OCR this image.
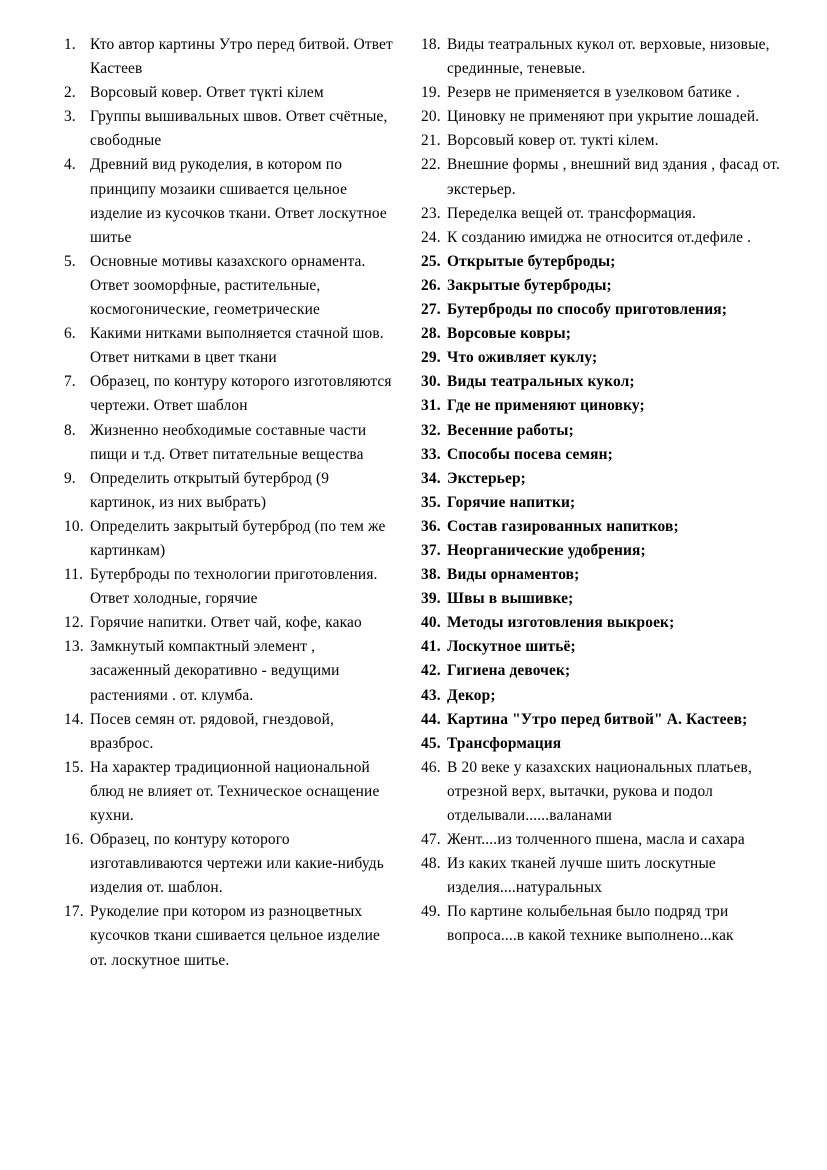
1. Кто автор картины Утро перед битвой. Ответ Кастеев
2. Ворсовый ковер. Ответ түкті кілем
3. Группы вышивальных швов. Ответ счётные, свободные
4. Древний вид рукоделия, в котором по принципу мозаики сшивается цельное изделие из кусочков ткани. Ответ лоскутное шитье
5. Основные мотивы казахского орнамента. Ответ зооморфные, растительные, космогонические, геометрические
6. Какими нитками выполняется стачной шов. Ответ нитками в цвет ткани
7. Образец, по контуру которого изготовляются чертежи. Ответ шаблон
8. Жизненно необходимые составные части пищи и т.д. Ответ питательные вещества
9. Определить открытый бутерброд (9 картинок, из них выбрать)
10. Определить закрытый бутерброд (по тем же картинкам)
11. Бутерброды по технологии приготовления. Ответ холодные, горячие
12. Горячие напитки. Ответ чай, кофе, какао
13. Замкнутый компактный элемент , засаженный декоративно - ведущими растениями . от. клумба.
14. Посев семян от. рядовой, гнездовой, вразброс.
15. На характер традиционной национальной блюд не влияет от. Техническое оснащение кухни.
16. Образец, по контуру которого изготавливаются чертежи или какие-нибудь изделия от. шаблон.
17. Рукоделие при котором из разноцветных кусочков ткани сшивается цельное изделие от. лоскутное шитье.
18. Виды театральных кукол от. верховые, низовые, срединные, теневые.
19. Резерв не применяется в узелковом батике .
20. Циновку не применяют при укрытие лошадей.
21. Ворсовый ковер от. тукті кілем.
22. Внешние формы , внешний вид здания , фасад от. экстерьер.
23. Переделка вещей от. трансформация.
24. К созданию имиджа не относится от.дефиле .
25. Открытые бутерброды;
26. Закрытые бутерброды;
27. Бутерброды по способу приготовления;
28. Ворсовые ковры;
29. Что оживляет куклу;
30. Виды театральных кукол;
31. Где не применяют циновку;
32. Весенние работы;
33. Способы посева семян;
34. Экстерьер;
35. Горячие напитки;
36. Состав газированных напитков;
37. Неорганические удобрения;
38. Виды орнаментов;
39. Швы в вышивке;
40. Методы изготовления выкроек;
41. Лоскутное шитьё;
42. Гигиена девочек;
43. Декор;
44. Картина "Утро перед битвой" А. Кастеев;
45. Трансформация
46. В 20 веке у казахских национальных платьев, отрезной верх, вытачки, рукова и подол отделывали......валанами
47. Жент....из толченного пшена, масла и сахара
48. Из каких тканей лучше шить лоскутные изделия....натуральных
49. По картине колыбельная было подряд три вопроса....в какой технике выполнено...как
